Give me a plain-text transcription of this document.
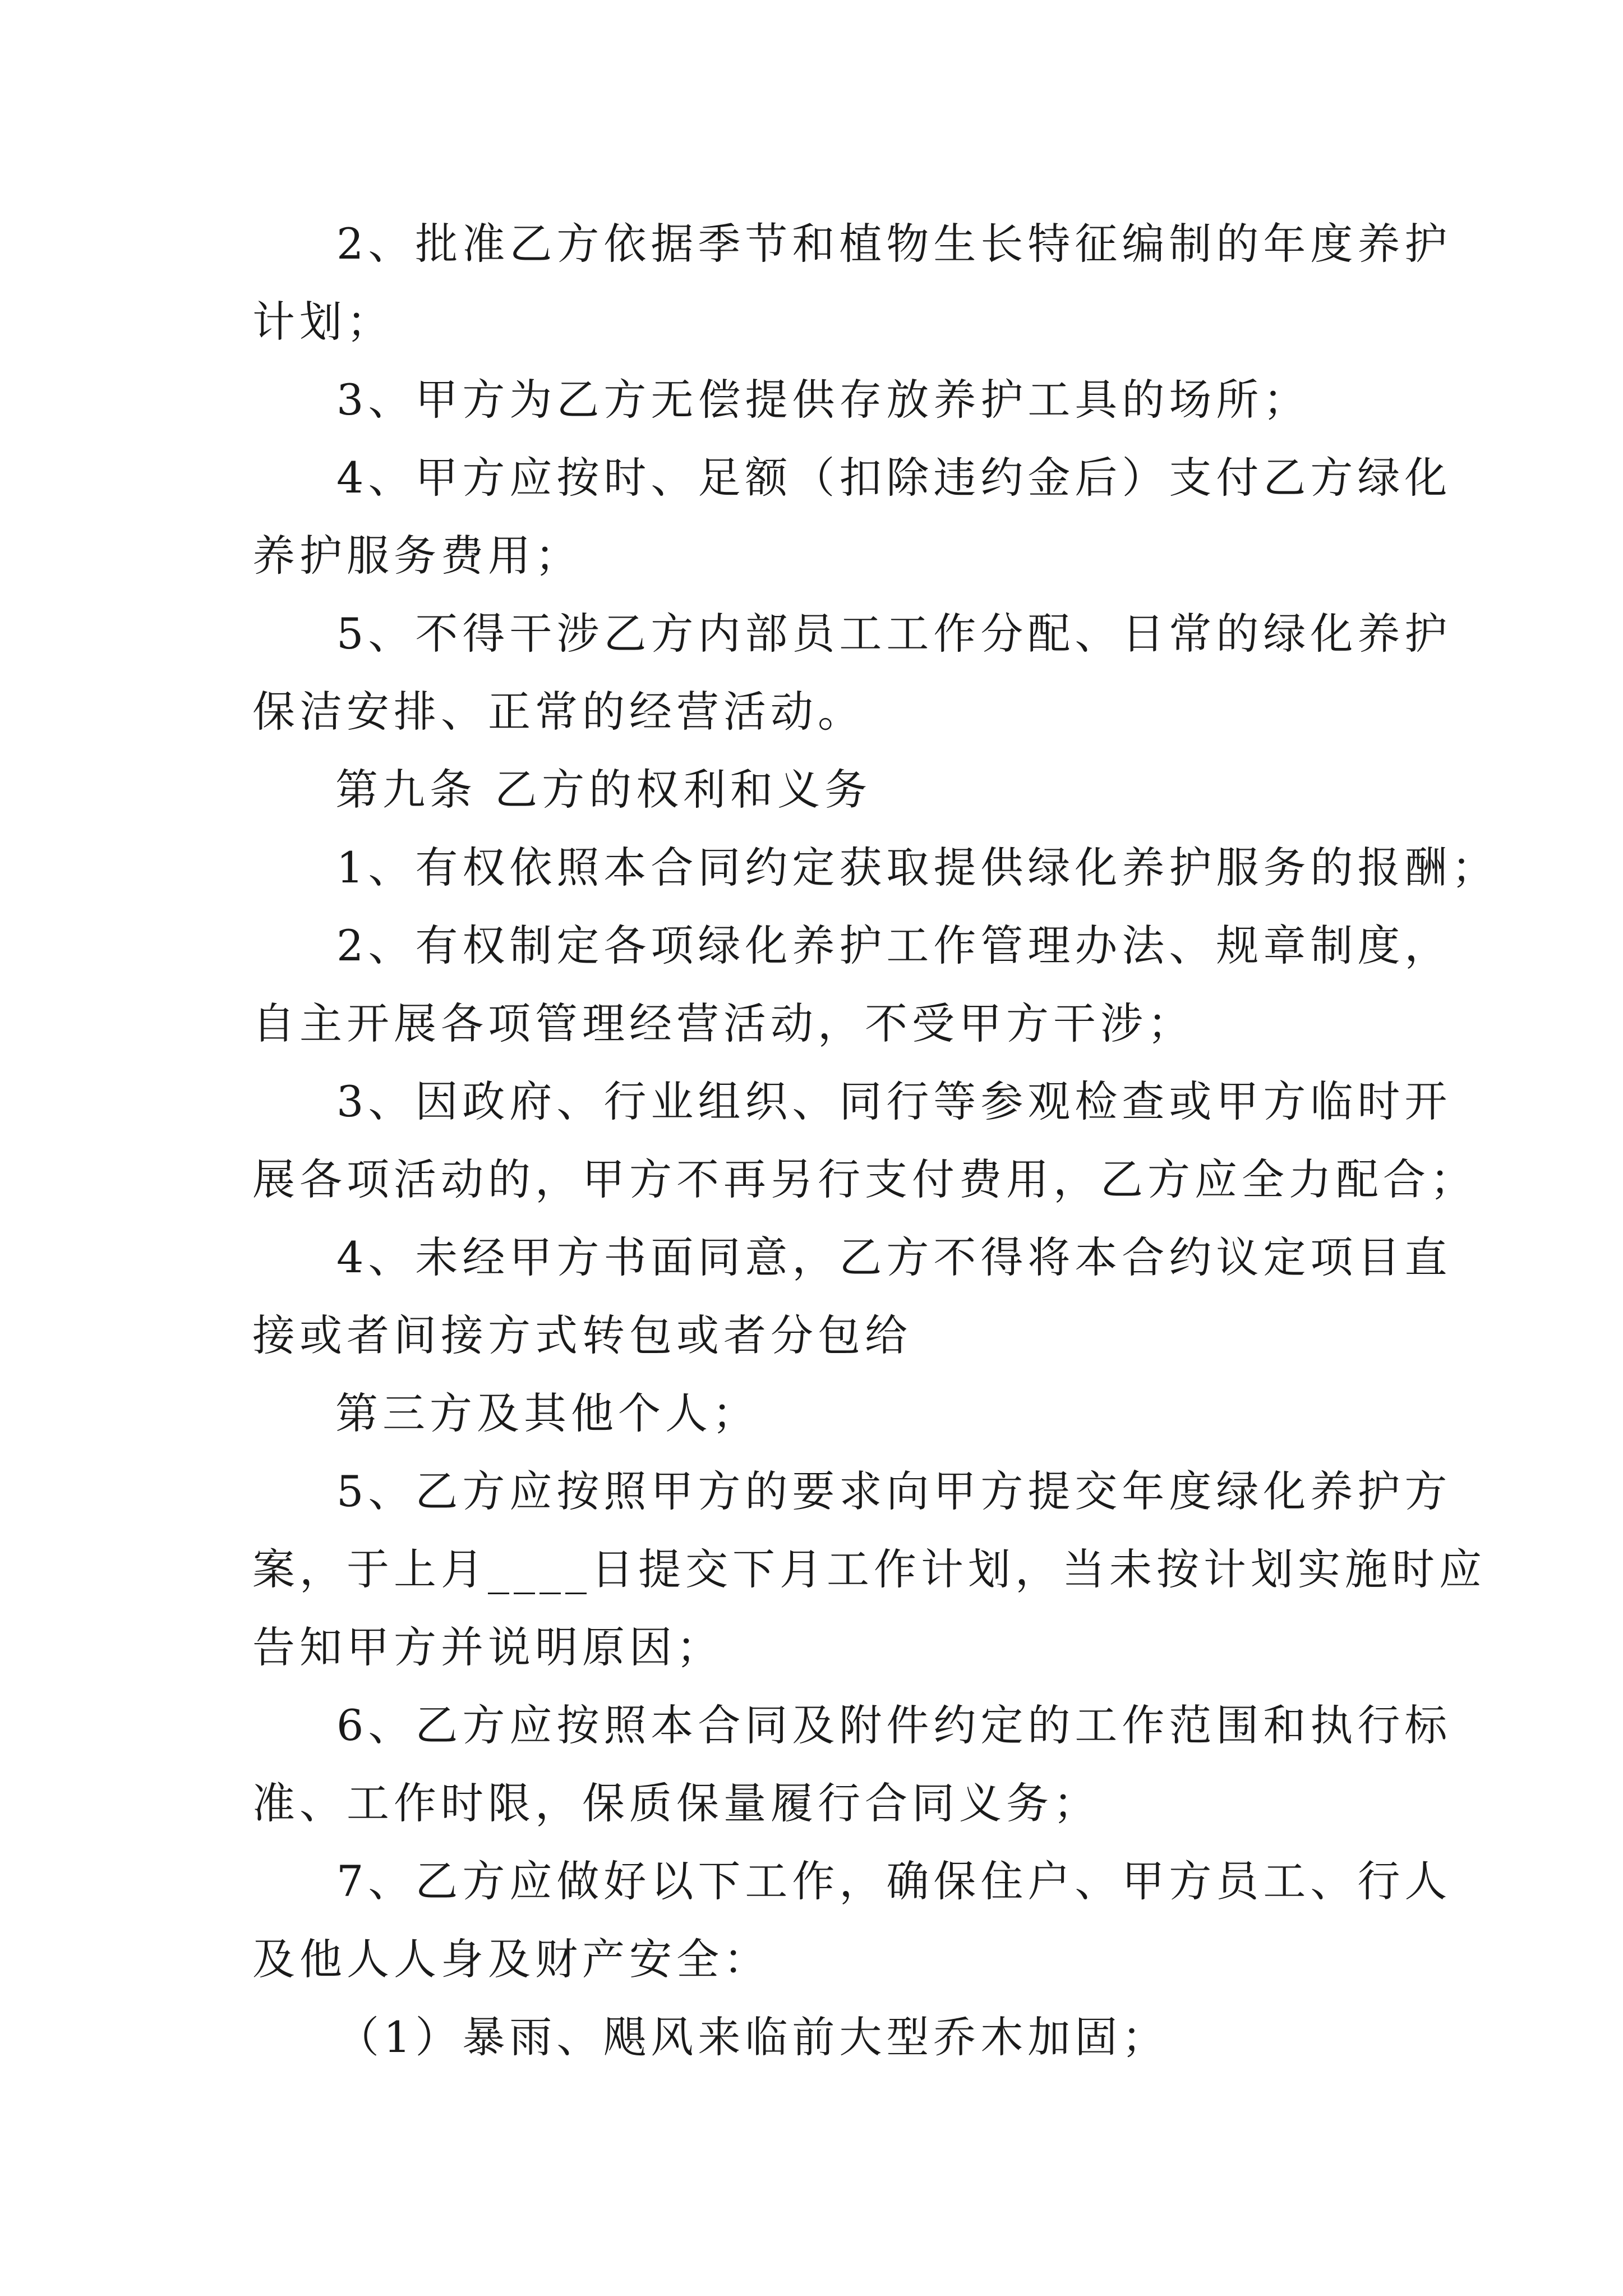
2、批准乙方依据季节和植物生长特征编制的年度养护
计划；
3、甲方为乙方无偿提供存放养护工具的场所；
4、甲方应按时、足额（扣除违约金后）支付乙方绿化
养护服务费用；
5、不得干涉乙方内部员工工作分配、日常的绿化养护
保洁安排、正常的经营活动。
第九条 乙方的权利和义务
1、有权依照本合同约定获取提供绿化养护服务的报酬；
2、有权制定各项绿化养护工作管理办法、规章制度，
自主开展各项管理经营活动，不受甲方干涉；
3、因政府、行业组织、同行等参观检查或甲方临时开
展各项活动的，甲方不再另行支付费用，乙方应全力配合；
4、未经甲方书面同意，乙方不得将本合约议定项目直
接或者间接方式转包或者分包给
第三方及其他个人；
5、乙方应按照甲方的要求向甲方提交年度绿化养护方
案，于上月____日提交下月工作计划，当未按计划实施时应
告知甲方并说明原因；
6、乙方应按照本合同及附件约定的工作范围和执行标
准、工作时限，保质保量履行合同义务；
7、乙方应做好以下工作，确保住户、甲方员工、行人
及他人人身及财产安全：
（1）暴雨、飓风来临前大型乔木加固；
